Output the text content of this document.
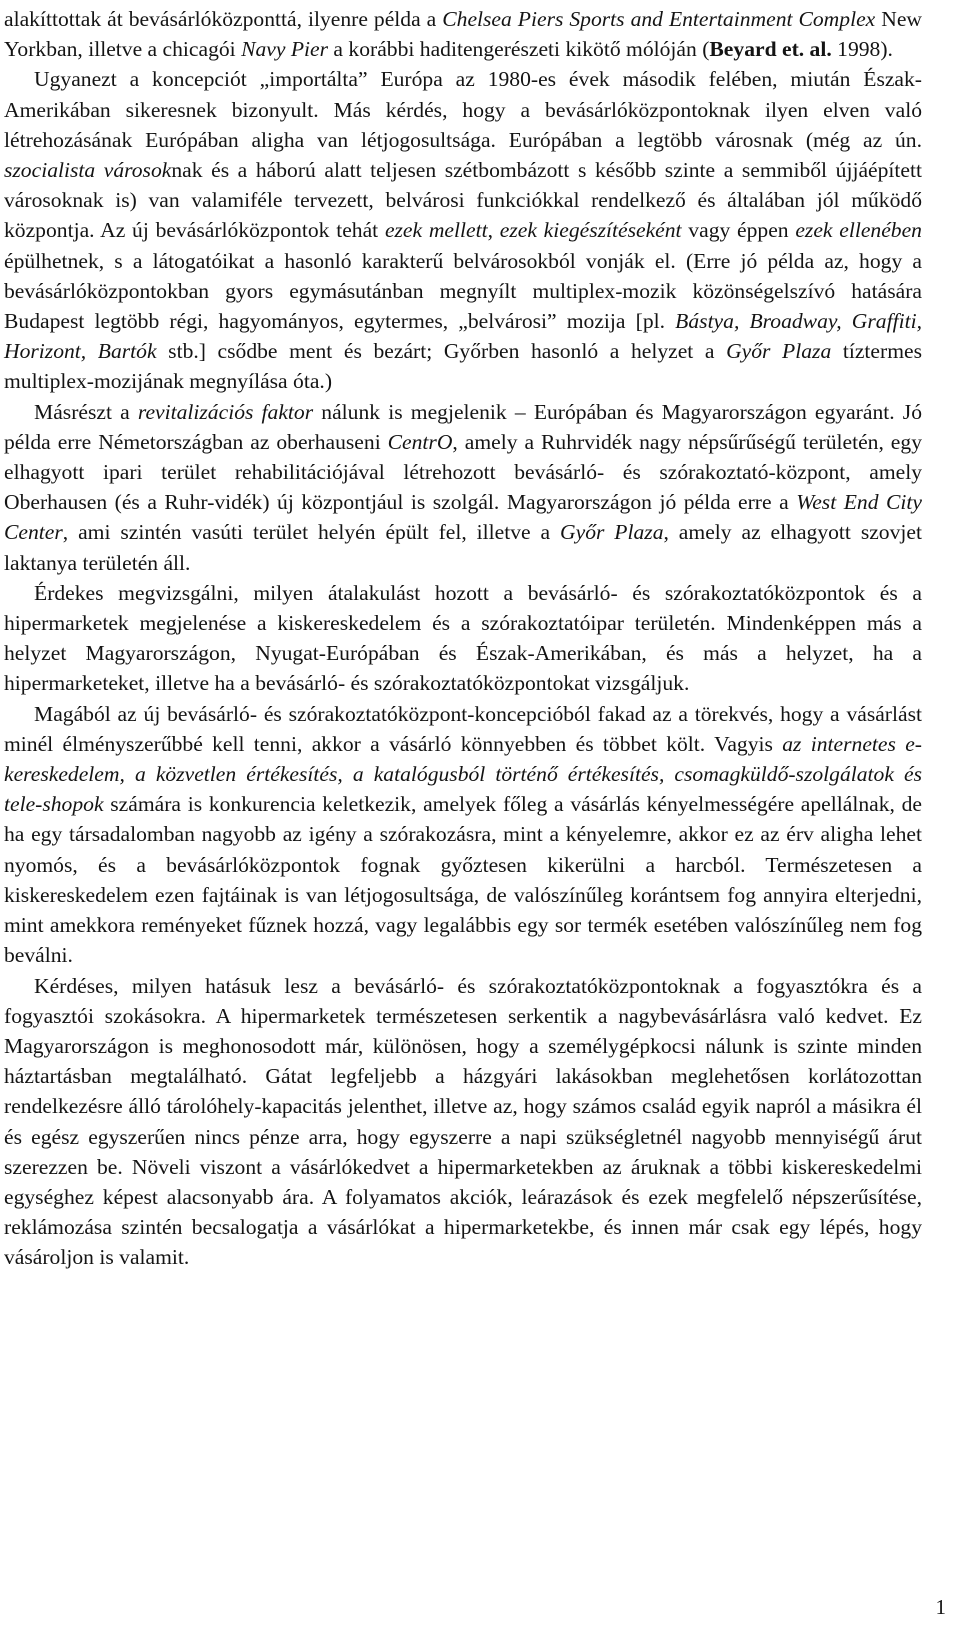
alakíttottak át bevásárlóközponttá, ilyenre példa a Chelsea Piers Sports and Entertainment Complex New Yorkban, illetve a chicagói Navy Pier a korábbi haditengerészeti kikötő mólóján (Beyard et. al. 1998).

Ugyanezt a koncepciót „importálta” Európa az 1980-es évek második felében, miután Észak-Amerikában sikeresnek bizonyult. Más kérdés, hogy a bevásárlóközpontoknak ilyen elven való létrehozásának Európában aligha van létjogosultsága. Európában a legtöbb városnak (még az ún. szocialista városoknak és a háború alatt teljesen szétbombázott s később szinte a semmiből újjáépített városoknak is) van valamiféle tervezett, belvárosi funkciókkal rendelkező és általában jól működő központja. Az új bevásárlóközpontok tehát ezek mellett, ezek kiegészítéseként vagy éppen ezek ellenében épülhetnek, s a látogatóikat a hasonló karakterű belvárosokból vonják el. (Erre jó példa az, hogy a bevásárlóközpontokban gyors egymásutánban megnyílt multiplex-mozik közönségelszívó hatására Budapest legtöbb régi, hagyományos, egytermes, „belvárosi” mozija [pl. Bástya, Broadway, Graffiti, Horizont, Bartók stb.] csődbe ment és bezárt; Győrben hasonló a helyzet a Győr Plaza tíztermes multiplex-mozijának megnyílása óta.)

Másrészt a revitalizációs faktor nálunk is megjelenik – Európában és Magyarországon egyaránt. Jó példa erre Németországban az oberhauseni CentrO, amely a Ruhrvidék nagy népsűrűségű területén, egy elhagyott ipari terület rehabilitációjával létrehozott bevásárló- és szórakoztató-központ, amely Oberhausen (és a Ruhr-vidék) új központjául is szolgál. Magyarországon jó példa erre a West End City Center, ami szintén vasúti terület helyén épült fel, illetve a Győr Plaza, amely az elhagyott szovjet laktanya területén áll.

Érdekes megvizsgálni, milyen átalakulást hozott a bevásárló- és szórakoztatóközpontok és a hipermarketek megjelenése a kiskereskedelem és a szórakoztatóipar területén. Mindenképpen más a helyzet Magyarországon, Nyugat-Európában és Észak-Amerikában, és más a helyzet, ha a hipermarketeket, illetve ha a bevásárló- és szórakoztatóközpontokat vizsgáljuk.

Magából az új bevásárló- és szórakoztatóközpont-koncepcióból fakad az a törekvés, hogy a vásárlást minél élményszerűbbé kell tenni, akkor a vásárló könnyebben és többet költ. Vagyis az internetes e-kereskedelem, a közvetlen értékesítés, a katalógusból történő értékesítés, csomagküldő-szolgálatok és tele-shopok számára is konkurencia keletkezik, amelyek főleg a vásárlás kényelmességére apellálnak, de ha egy társadalomban nagyobb az igény a szórakozásra, mint a kényelemre, akkor ez az érv aligha lehet nyomós, és a bevásárlóközpontok fognak győztesen kikerülni a harcból. Természetesen a kiskereskedelem ezen fajtáinak is van létjogosultsága, de valószínűleg korántsem fog annyira elterjedni, mint amekkora reményeket fűznek hozzá, vagy legalábbis egy sor termék esetében valószínűleg nem fog beválni.

Kérdéses, milyen hatásuk lesz a bevásárló- és szórakoztatóközpontoknak a fogyasztókra és a fogyasztói szokásokra. A hipermarketek természetesen serkentik a nagybevásárlásra való kedvet. Ez Magyarországon is meghonosodott már, különösen, hogy a személygépkocsi nálunk is szinte minden háztartásban megtalálható. Gátat legfeljebb a házgyári lakásokban meglehetősen korlátozottan rendelkezésre álló tárolóhely-kapacitás jelenthet, illetve az, hogy számos család egyik napról a másikra él és egész egyszerűen nincs pénze arra, hogy egyszerre a napi szükségletnél nagyobb mennyiségű árut szerezzen be. Növeli viszont a vásárlókedvet a hipermarketekben az áruknak a többi kiskereskedelmi egységhez képest alacsonyabb ára. A folyamatos akciók, leárazások és ezek megfelelő népszerűsítése, reklámozása szintén becsalogatja a vásárlókat a hipermarketekbe, és innen már csak egy lépés, hogy vásároljon is valamit.

1
